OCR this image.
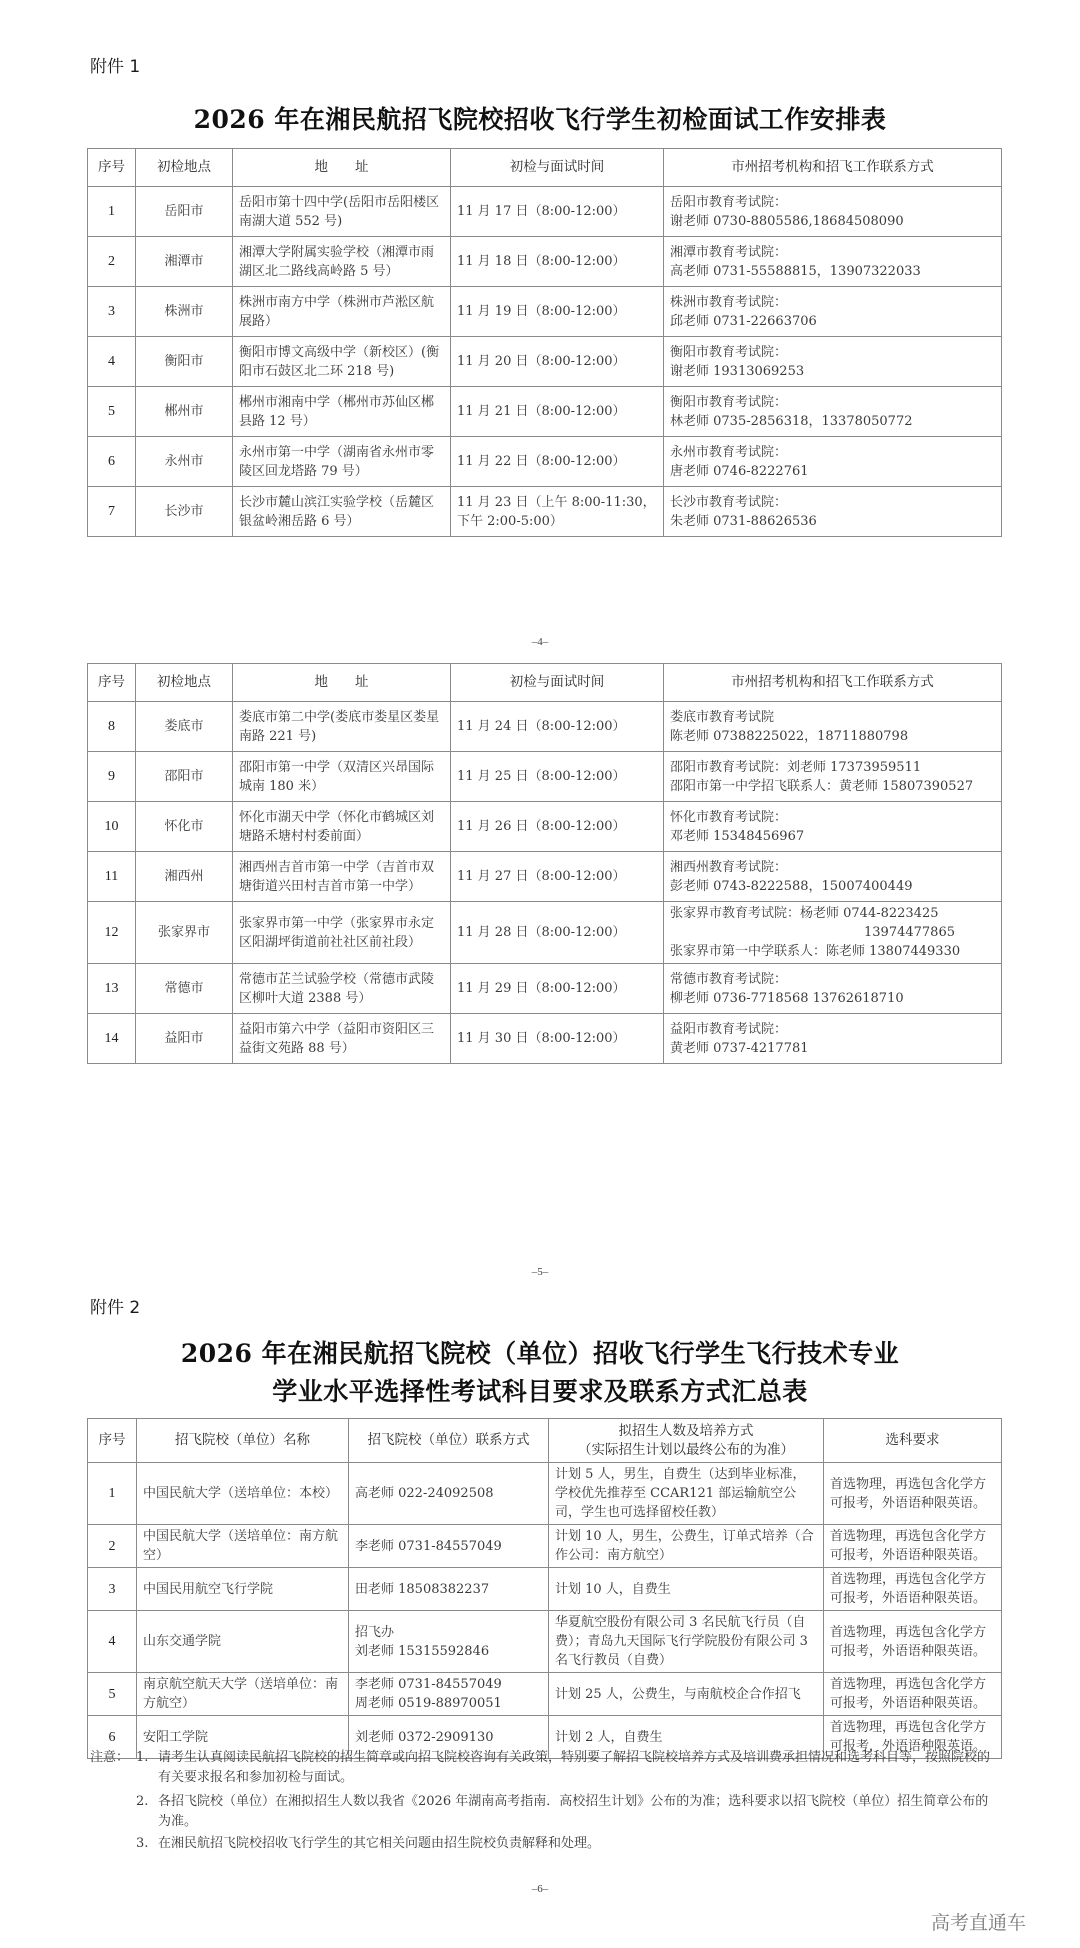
附件 1
2026 年在湘民航招飞院校招收飞行学生初检面试工作安排表
序号	初检地点	地　　址	初检与面试时间	市州招考机构和招飞工作联系方式
1	岳阳市	岳阳市第十四中学(岳阳市岳阳楼区南湖大道 552 号)	11 月 17 日（8:00-12:00）	岳阳市教育考试院：
谢老师 0730-8805586,18684508090

2	湘潭市	湘潭大学附属实验学校（湘潭市雨湖区北二路线高岭路 5 号）	11 月 18 日（8:00-12:00）	湘潭市教育考试院：
高老师 0731-55588815，13907322033

3	株洲市	株洲市南方中学（株洲市芦淞区航展路）	11 月 19 日（8:00-12:00）	株洲市教育考试院：
邱老师 0731-22663706

4	衡阳市	衡阳市博文高级中学（新校区）(衡阳市石鼓区北二环 218 号)	11 月 20 日（8:00-12:00）	衡阳市教育考试院：
谢老师 19313069253

5	郴州市	郴州市湘南中学（郴州市苏仙区郴县路 12 号）	11 月 21 日（8:00-12:00）	衡阳市教育考试院：
林老师 0735-2856318，13378050772

6	永州市	永州市第一中学（湖南省永州市零陵区回龙塔路 79 号）	11 月 22 日（8:00-12:00）	永州市教育考试院：
唐老师 0746-8222761

7	长沙市	长沙市麓山滨江实验学校（岳麓区银盆岭湘岳路 6 号）	11 月 23 日（上午 8:00-11:30，
下午 2:00-5:00）	长沙市教育考试院：
朱老师 0731-88626536
–4–
序号	初检地点	地　　址	初检与面试时间	市州招考机构和招飞工作联系方式
8	娄底市	娄底市第二中学(娄底市娄星区娄星南路 221 号)	11 月 24 日（8:00-12:00）	娄底市教育考试院
陈老师 07388225022，18711880798

9	邵阳市	邵阳市第一中学（双清区兴昂国际城南 180 米）	11 月 25 日（8:00-12:00）	邵阳市教育考试院：刘老师 17373959511
邵阳市第一中学招飞联系人：黄老师 15807390527

10	怀化市	怀化市湖天中学（怀化市鹤城区刘塘路禾塘村村委前面）	11 月 26 日（8:00-12:00）	怀化市教育考试院：
邓老师 15348456967

11	湘西州	湘西州吉首市第一中学（吉首市双塘街道兴田村吉首市第一中学）	11 月 27 日（8:00-12:00）	湘西州教育考试院：
彭老师 0743-8222588，15007400449

12	张家界市	张家界市第一中学（张家界市永定区阳湖坪街道前社社区前社段）	11 月 28 日（8:00-12:00）	张家界市教育考试院：杨老师 0744-8223425
13974477865
张家界市第一中学联系人：陈老师 13807449330

13	常德市	常德市芷兰试验学校（常德市武陵区柳叶大道 2388 号）	11 月 29 日（8:00-12:00）	常德市教育考试院：
柳老师 0736-7718568 13762618710

14	益阳市	益阳市第六中学（益阳市资阳区三益街文苑路 88 号）	11 月 30 日（8:00-12:00）	益阳市教育考试院：
黄老师 0737-4217781
–5–
附件 2
2026 年在湘民航招飞院校（单位）招收飞行学生飞行技术专业
学业水平选择性考试科目要求及联系方式汇总表
序号	招飞院校（单位）名称	招飞院校（单位）联系方式	拟招生人数及培养方式
（实际招生计划以最终公布的为准）	选科要求
1	中国民航大学（送培单位：本校）	高老师 022-24092508	计划 5 人，男生，自费生（达到毕业标准，学校优先推荐至 CCAR121 部运输航空公司，学生也可选择留校任教）	首选物理，再选包含化学方可报考，外语语种限英语。
2	中国民航大学（送培单位：南方航空）	李老师 0731-84557049	计划 10 人，男生，公费生，订单式培养（合作公司：南方航空）	首选物理，再选包含化学方可报考，外语语种限英语。
3	中国民用航空飞行学院	田老师 18508382237	计划 10 人，自费生	首选物理，再选包含化学方可报考，外语语种限英语。
4	山东交通学院	招飞办
刘老师 15315592846	华夏航空股份有限公司 3 名民航飞行员（自费）；青岛九天国际飞行学院股份有限公司 3 名飞行教员（自费）	首选物理，再选包含化学方可报考，外语语种限英语。
5	南京航空航天大学（送培单位：南方航空）	李老师 0731-84557049
周老师 0519-88970051	计划 25 人，公费生，与南航校企合作招飞	首选物理，再选包含化学方可报考，外语语种限英语。
6	安阳工学院	刘老师 0372-2909130	计划 2 人，自费生	首选物理，再选包含化学方可报考，外语语种限英语。
注意： 1. 请考生认真阅读民航招飞院校的招生简章或向招飞院校咨询有关政策，特别要了解招飞院校培养方式及培训费承担情况和选考科目等，按照院校的有关要求报名和参加初检与面试。
2. 各招飞院校（单位）在湘拟招生人数以我省《2026 年湖南高考指南．高校招生计划》公布的为准；选科要求以招飞院校（单位）招生简章公布的为准。
3. 在湘民航招飞院校招收飞行学生的其它相关问题由招生院校负责解释和处理。
–6–
高考直通车
